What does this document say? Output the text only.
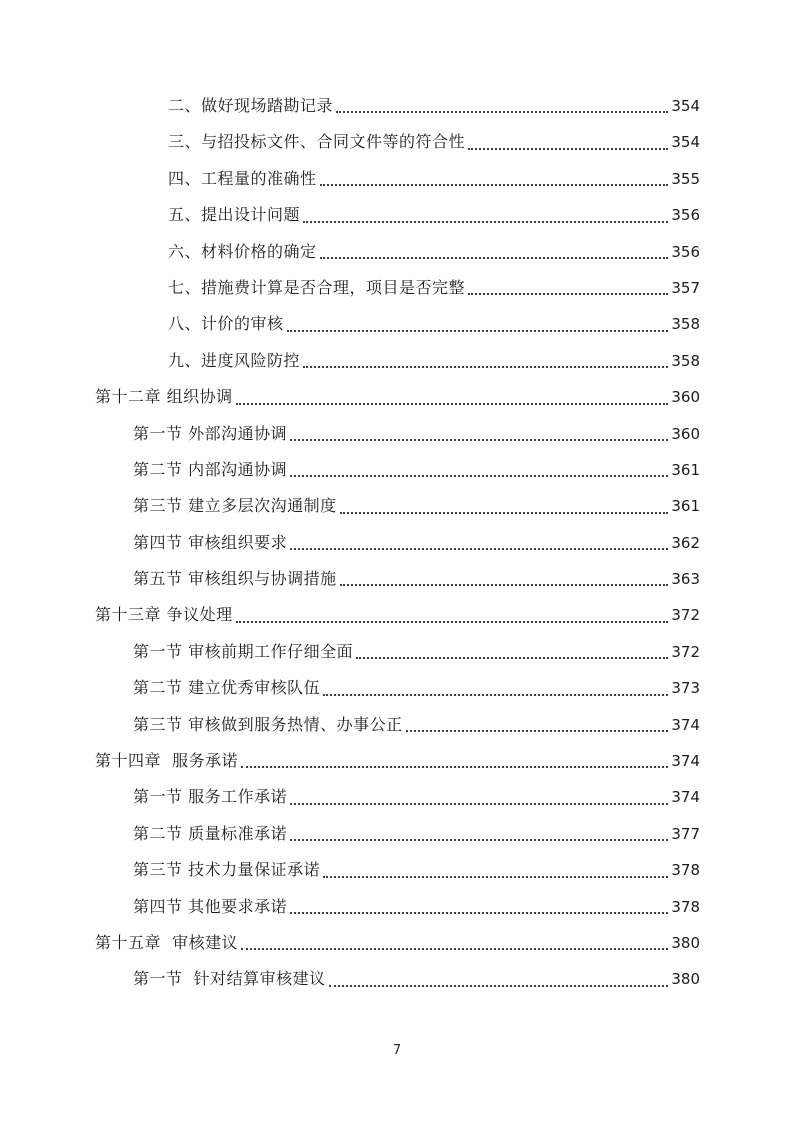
二、做好现场踏勘记录	354
三、与招投标文件、合同文件等的符合性	354
四、工程量的准确性	355
五、提出设计问题	356
六、材料价格的确定	356
七、措施费计算是否合理，项目是否完整	357
八、计价的审核	358
九、进度风险防控	358
第十二章 组织协调	360
第一节 外部沟通协调	360
第二节 内部沟通协调	361
第三节 建立多层次沟通制度	361
第四节 审核组织要求	362
第五节 审核组织与协调措施	363
第十三章 争议处理	372
第一节 审核前期工作仔细全面	372
第二节 建立优秀审核队伍	373
第三节 审核做到服务热情、办事公正	374
第十四章  服务承诺	374
第一节 服务工作承诺	374
第二节 质量标准承诺	377
第三节 技术力量保证承诺	378
第四节 其他要求承诺	378
第十五章  审核建议	380
第一节  针对结算审核建议	380
7
